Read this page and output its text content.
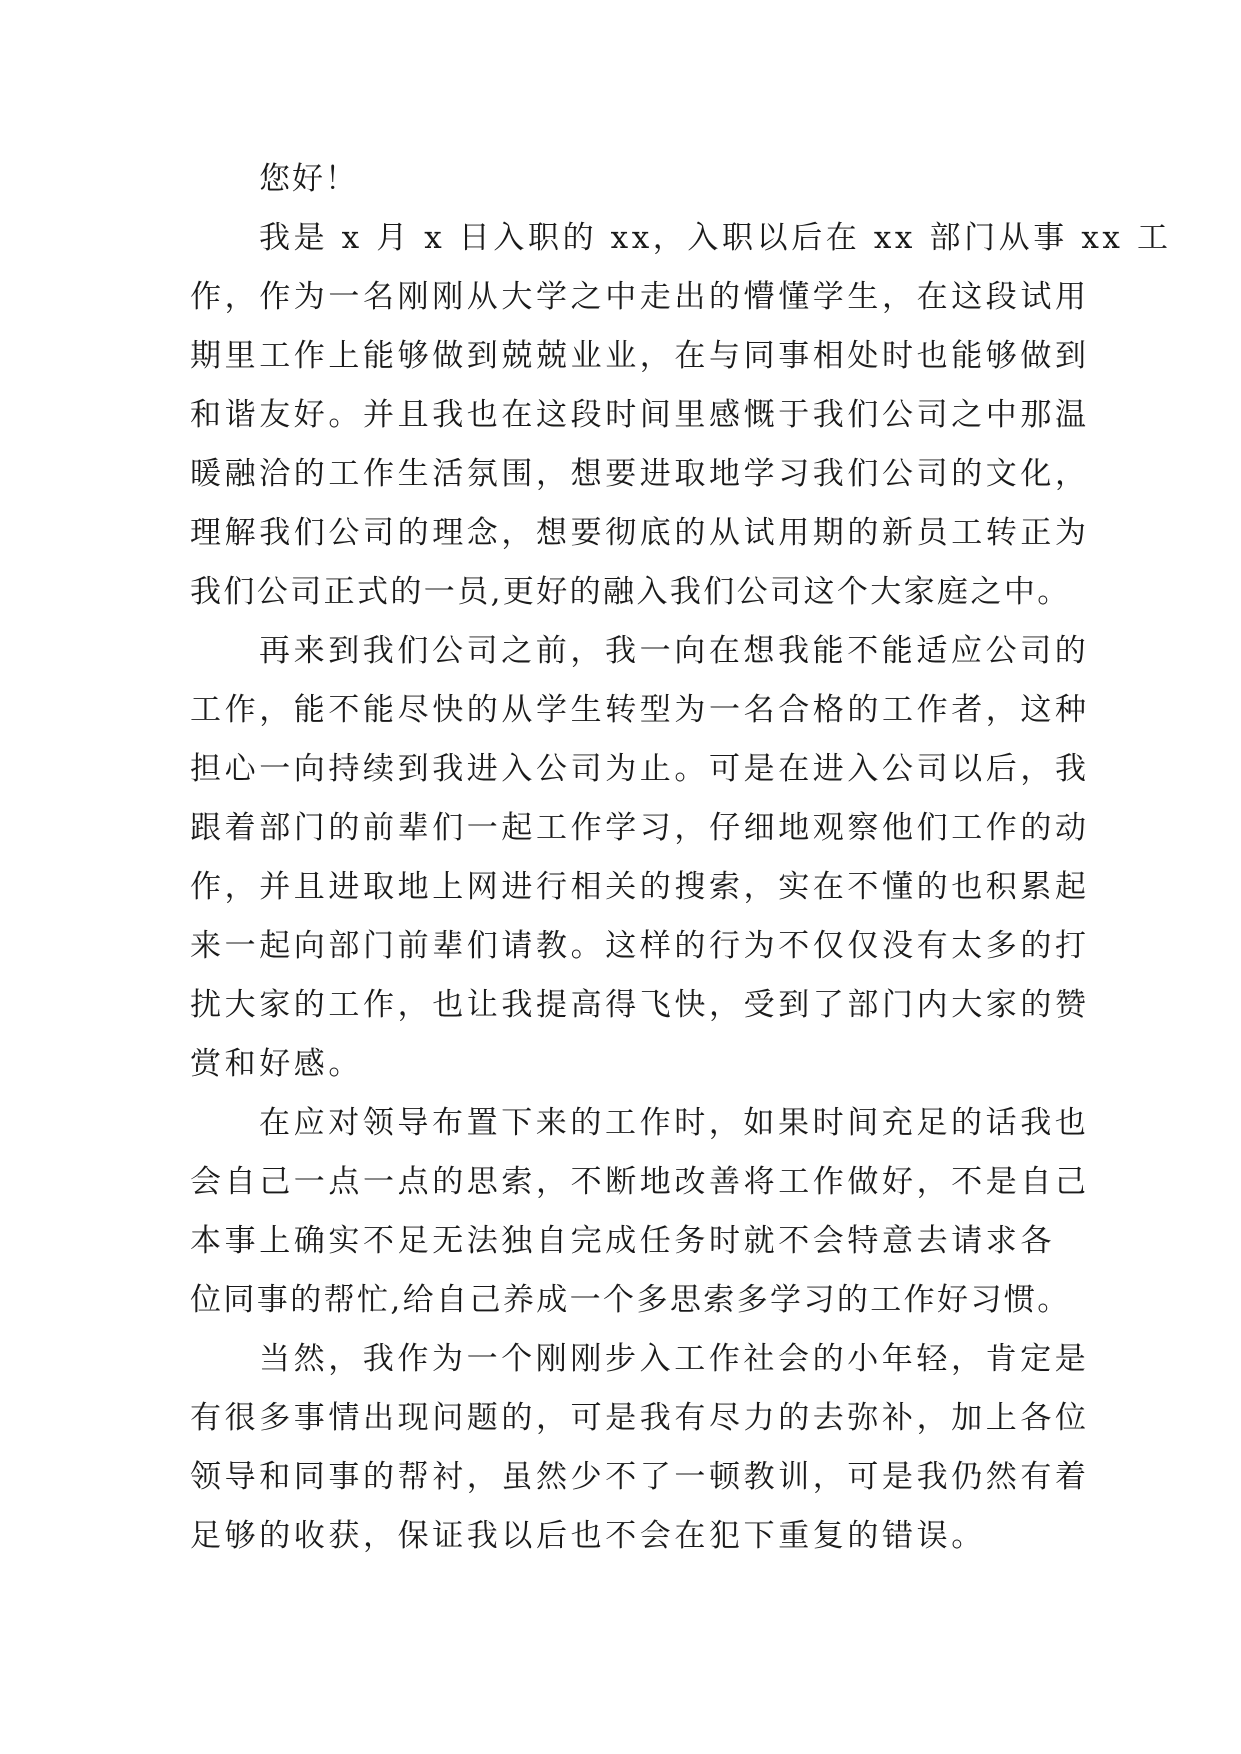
您好！
我是 x 月 x 日入职的 xx，入职以后在 xx 部门从事 xx 工
作，作为一名刚刚从大学之中走出的懵懂学生，在这段试用
期里工作上能够做到兢兢业业，在与同事相处时也能够做到
和谐友好。并且我也在这段时间里感慨于我们公司之中那温
暖融洽的工作生活氛围，想要进取地学习我们公司的文化，
理解我们公司的理念，想要彻底的从试用期的新员工转正为
我们公司正式的一员,更好的融入我们公司这个大家庭之中。
再来到我们公司之前，我一向在想我能不能适应公司的
工作，能不能尽快的从学生转型为一名合格的工作者，这种
担心一向持续到我进入公司为止。可是在进入公司以后，我
跟着部门的前辈们一起工作学习，仔细地观察他们工作的动
作，并且进取地上网进行相关的搜索，实在不懂的也积累起
来一起向部门前辈们请教。这样的行为不仅仅没有太多的打
扰大家的工作，也让我提高得飞快，受到了部门内大家的赞
赏和好感。
在应对领导布置下来的工作时，如果时间充足的话我也
会自己一点一点的思索，不断地改善将工作做好，不是自己
本事上确实不足无法独自完成任务时就不会特意去请求各
位同事的帮忙,给自己养成一个多思索多学习的工作好习惯。
当然，我作为一个刚刚步入工作社会的小年轻，肯定是
有很多事情出现问题的，可是我有尽力的去弥补，加上各位
领导和同事的帮衬，虽然少不了一顿教训，可是我仍然有着
足够的收获，保证我以后也不会在犯下重复的错误。
